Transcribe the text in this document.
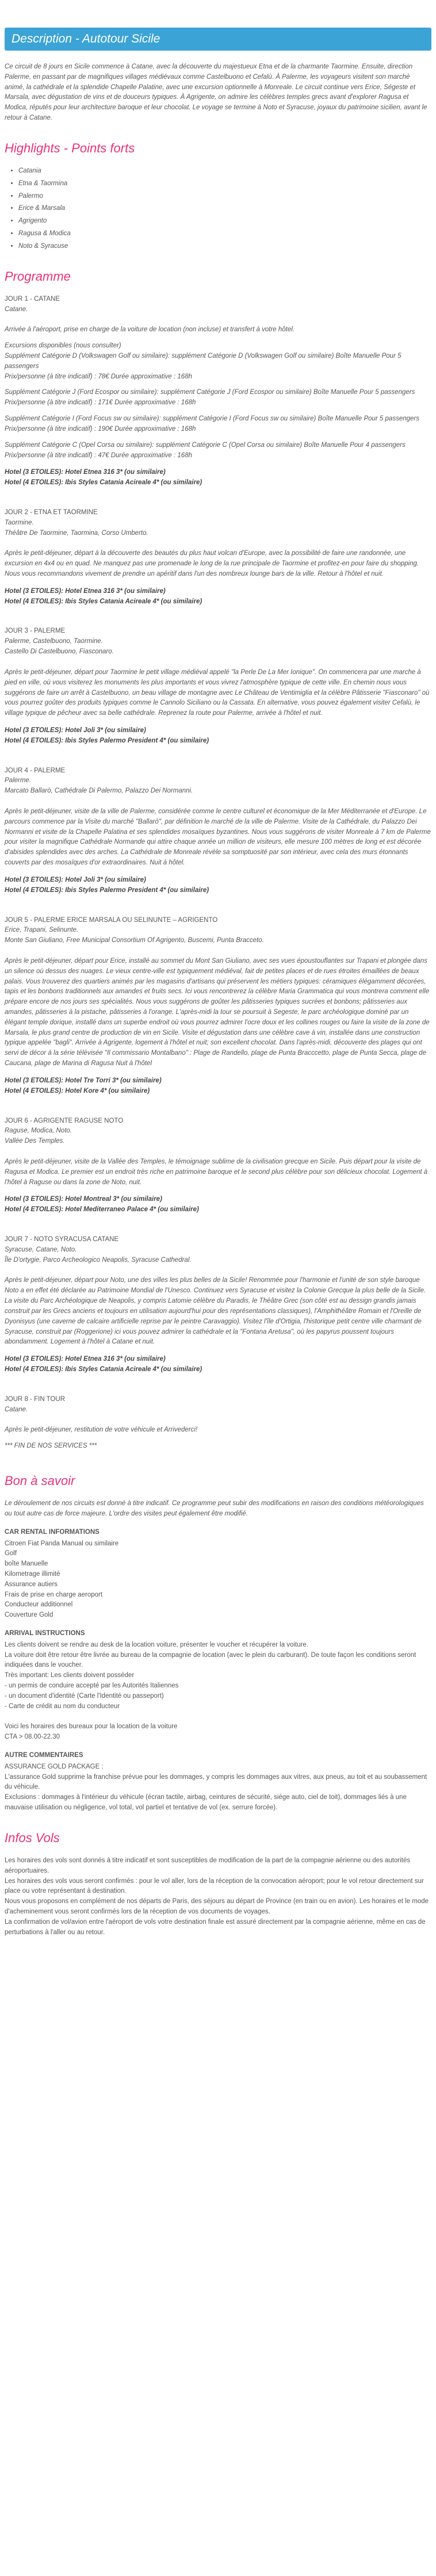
Description - Autotour Sicile

Ce circuit de 8 jours en Sicile commence à Catane, avec la découverte du majestueux Etna et de la charmante Taormine. Ensuite, direction Palerme, en passant par de magnifiques villages médiévaux comme Castelbuono et Cefalù. À Palerme, les voyageurs visitent son marché animé, la cathédrale et la splendide Chapelle Palatine, avec une excursion optionnelle à Monreale. Le circuit continue vers Erice, Ségeste et Marsala, avec dégustation de vins et de douceurs typiques. À Agrigente, on admire les célèbres temples grecs avant d'explorer Ragusa et Modica, réputés pour leur architecture baroque et leur chocolat. Le voyage se termine à Noto et Syracuse, joyaux du patrimoine sicilien, avant le retour à Catane.

Highlights - Points forts
• Catania
• Etna & Taormina
• Palermo
• Erice & Marsala
• Agrigento
• Ragusa & Modica
• Noto & Syracuse
Programme

JOUR 1 - CATANE

Catane.

Arrivée à l'aéroport, prise en charge de la voiture de location (non incluse) et transfert à votre hôtel.

Excursions disponibles (nous consulter)
Supplément Catégorie D (Volkswagen Golf ou similaire): supplément Catégorie D (Volkswagen Golf ou similaire) Boîte Manuelle Pour 5 passengers
Prix/personne (à titre indicatif) : 78€ Durée approximative : 168h

Supplément Catégorie J (Ford Ecospor ou similaire): supplément Catégorie J (Ford Ecospor ou similaire) Boîte Manuelle Pour 5 passengers
Prix/personne (à titre indicatif) : 171€ Durée approximative : 168h

Supplément Catégorie I (Ford Focus sw ou similaire): supplément Catégorie I (Ford Focus sw ou similaire) Boîte Manuelle Pour 5 passengers
Prix/personne (à titre indicatif) : 190€ Durée approximative : 168h

Supplément Catégorie C (Opel Corsa ou similaire): supplément Catégorie C (Opel Corsa ou similaire) Boîte Manuelle Pour 4 passengers
Prix/personne (à titre indicatif) : 47€ Durée approximative : 168h

Hotel (3 ETOILES): Hotel Etnea 316 3* (ou similaire)

Hotel (4 ETOILES): Ibis Styles Catania Acireale 4* (ou similaire)

JOUR 2 - ETNA ET TAORMINE

Taormine.

Théâtre De Taormine, Taormina, Corso Umberto.

Après le petit-déjeuner, départ à la découverte des beautés du plus haut volcan d'Europe, avec la possibilité de faire une randonnée, une excursion en 4x4 ou en quad. Ne manquez pas une promenade le long de la rue principale de Taormine et profitez-en pour faire du shopping. Nous vous recommandons vivement de prendre un apéritif dans l'un des nombreux lounge bars de la ville. Retour à l'hôtel et nuit.

Hotel (3 ETOILES): Hotel Etnea 316 3* (ou similaire)

Hotel (4 ETOILES): Ibis Styles Catania Acireale 4* (ou similaire)

JOUR 3 - PALERME

Palerme, Castelbuono, Taormine.

Castello Di Castelbuono, Fiasconaro.

Après le petit-déjeuner, départ pour Taormine le petit village médiéval appelé "la Perle De La Mer Ionique". On commencera par une marche à pied en ville, où vous visiterez les monuments les plus importants et vous vivrez l'atmosphère typique de cette ville. En chemin nous vous suggérons de faire un arrêt à Castelbuono, un beau village de montagne avec Le Château de Ventimiglia et la célèbre Pâtisserie "Fiasconaro" où vous pourrez goûter des produits typiques comme le Cannolo Siciliano ou la Cassata. En alternative, vous pouvez également visiter Cefalù, le village typique de pêcheur avec sa belle cathédrale. Reprenez la route pour Palerme, arrivée à l'hôtel et nuit.

Hotel (3 ETOILES): Hotel Joli 3* (ou similaire)

Hotel (4 ETOILES): Ibis Styles Palermo President 4* (ou similaire)

JOUR 4 - PALERME

Palerme.

Marcato Ballarò, Cathédrale Di Palermo, Palazzo Dei Normanni.

Après le petit-déjeuner, visite de la ville de Palerme, considérée comme le centre culturel et économique de la Mer Méditerranée et d'Europe. Le parcours commence par la Visite du marché "Ballarò", par définition le marché de la ville de Palerme. Visite de la Cathédrale, du Palazzo Dei Normanni et visite de la Chapelle Palatina et ses splendides mosaïques byzantines. Nous vous suggérons de visiter Monreale à 7 km de Palerme pour visiter la magnifique Cathédrale Normande qui attire chaque année un million de visiteurs, elle mesure 100 mètres de long et est décorée d'abisides splendides avec des arches. La Cathédrale de Monreale révèle sa somptuosité par son intérieur, avec cela des murs étonnants couverts par des mosaïques d'or extraordinaires. Nuit à hôtel.

Hotel (3 ETOILES): Hotel Joli 3* (ou similaire)

Hotel (4 ETOILES): Ibis Styles Palermo President 4* (ou similaire)

JOUR 5 - PALERME ERICE MARSALA OU SELINUNTE – AGRIGENTO

Erice, Trapani, Selinunte.

Monte San Giuliano, Free Municipal Consortium Of Agrigento, Buscemi, Punta Bracceto.

Après le petit-déjeuner, départ pour Erice, installé au sommet du Mont San Giuliano, avec ses vues époustouflantes sur Trapani et plongée dans un silence où dessus des nuages. Le vieux centre-ville est typiquement médiéval, fait de petites places et de rues étroites émaillées de beaux palais. Vous trouverez des quartiers animés par les magasins d'artisans qui préservent les métiers typiques: céramiques élégamment décorées, tapis et les bonbons traditionnels aux amandes et fruits secs. Ici vous rencontrerez la célèbre Maria Grammatica qui vous montrera comment elle prépare encore de nos jours ses spécialités. Nous vous suggérons de goûter les pâtisseries typiques sucrées et bonbons; pâtisseries aux amandes, pâtisseries à la pistache, pâtisseries à l'orange. L'après-midi la tour se poursuit à Segeste, le parc archéologique dominé par un élégant temple dorique, installé dans un superbe endroit où vous pourrez admirer l'ocre doux et les collines rouges ou faire la visite de la zone de Marsala, le plus grand centre de production de vin en Sicile. Visite et dégustation dans une célèbre cave à vin, installée dans une construction typique appelée "bagli". Arrivée à Agrigente, logement à l'hôtel et nuit; son excellent chocolat. Dans l'après-midi, découverte des plages qui ont servi de décor à la série télévisée "Il commissario Montalbano" : Plage de Randello, plage de Punta Bracccetto, plage de Punta Secca, plage de Caucana, plage de Marina di Ragusa Nuit à l'hôtel

Hotel (3 ETOILES): Hotel Tre Torri 3* (ou similaire)

Hotel (4 ETOILES): Hotel Kore 4* (ou similaire)

JOUR 6 - AGRIGENTE RAGUSE NOTO

Raguse, Modica, Noto.

Vallée Des Temples.

Après le petit-déjeuner, visite de la Vallée des Temples, le témoignage sublime de la civilisation grecque en Sicile. Puis départ pour la visite de Ragusa et Modica. Le premier est un endroit très riche en patrimoine baroque et le second plus célèbre pour son délicieux chocolat. Logement à l'hôtel à Raguse ou dans la zone de Noto, nuit.

Hotel (3 ETOILES): Hotel Montreal 3* (ou similaire)

Hotel (4 ETOILES): Hotel Mediterraneo Palace 4* (ou similaire)

JOUR 7 - NOTO SYRACUSA CATANE

Syracuse, Catane, Noto.

Île D'ortygie, Parco Archeologico Neapolis, Syracuse Cathedral.

Après le petit-déjeuner, départ pour Noto, une des villes les plus belles de la Sicile! Renommée pour l'harmonie et l'unité de son style baroque Noto a en effet été déclarée au Patrimoine Mondial de l'Unesco. Continuez vers Syracuse et visitez la Colonie Grecque la plus belle de la Sicile. La visite du Parc Archéologique de Neapolis, y compris Latomie célèbre du Paradis, le Théâtre Grec (son côté est au dessign grandis jamais construit par les Grecs anciens et toujours en utilisation aujourd'hui pour des représentations classiques), l'Amphithéâtre Romain et l'Oreille de Dyonisyus (une caverne de calcaire artificielle reprise par le peintre Caravaggio). Visitez l'île d'Ortigia, l'historique petit centre ville charmant de Syracuse, construit par (Roggerione) ici vous pouvez admirer la cathédrale et la "Fontana Aretusa", où les papyrus poussent toujours abondamment. Logement à l'hôtel à Catane et nuit.

Hotel (3 ETOILES): Hotel Etnea 316 3* (ou similaire)

Hotel (4 ETOILES): Ibis Styles Catania Acireale 4* (ou similaire)

JOUR 8 - FIN TOUR

Catane.

Après le petit-déjeuner, restitution de votre véhicule et Arrivederci!

*** FIN DE NOS SERVICES ***

Bon à savoir

Le déroulement de nos circuits est donné à titre indicatif. Ce programme peut subir des modifications en raison des conditions météorologiques ou tout autre cas de force majeure. L'ordre des visites peut également être modifié.

CAR RENTAL INFORMATIONS

Citroen Fiat Panda Manual ou similaire
Golf
boîte Manuelle
Kilometrage illimité
Assurance autiers
Frais de prise en charge aeroport
Conducteur additionnel
Couverture Gold

ARRIVAL INSTRUCTIONS

Les clients doivent se rendre au desk de la location voiture, présenter le voucher et récupérer la voiture.
La voiture doit être retour être livrée au bureau de la compagnie de location (avec le plein du carburant). De toute façon les conditions seront indiquées dans le voucher.
Très important: Les clients doivent posséder
- un permis de conduire accepté par les Autorités Italiennes
- un document d'identité (Carte l'Identité ou passeport)
- Carte de crédit au nom du conducteur

Voici les horaires des bureaux pour la location de la voiture
CTA > 08.00-22.30

AUTRE COMMENTAIRES

ASSURANCE GOLD PACKAGE :
L'assurance Gold supprime la franchise prévue pour les dommages, y compris les dommages aux vitres, aux pneus, au toit et au soubassement du véhicule.
Exclusions : dommages à l'intérieur du véhicule (écran tactile, airbag, ceintures de sécurité, siège auto, ciel de toit), dommages liés à une mauvaise utilisation ou négligence, vol total, vol partiel et tentative de vol (ex. serrure forcée).

Infos Vols

Les horaires des vols sont donnés à titre indicatif et sont susceptibles de modification de la part de la compagnie aérienne ou des autorités aéroportuaires.
Les horaires des vols vous seront confirmés : pour le vol aller, lors de la réception de la convocation aéroport; pour le vol retour directement sur place ou votre représentant à destination.
Nous vous proposons en complément de nos départs de Paris, des séjours au départ de Province (en train ou en avion). Les horaires et le mode d'acheminement vous seront confirmés lors de la réception de vos documents de voyages.
La confirmation de vol/avion entre l'aéroport de vols votre destination finale est assuré directement par la compagnie aérienne, même en cas de perturbations à l'aller ou au retour.
